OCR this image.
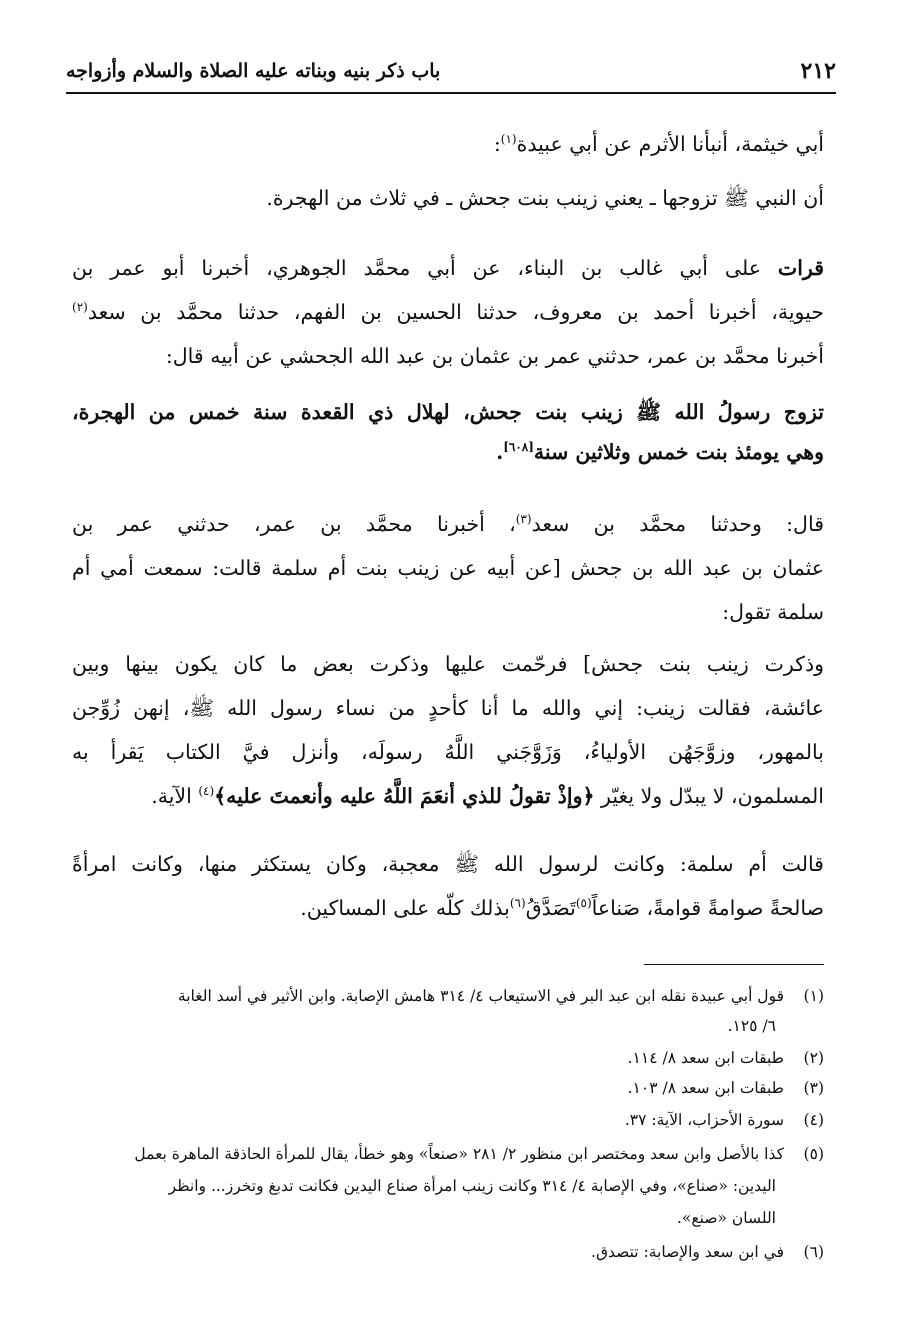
٢١٢
باب ذكر بنيه وبناته عليه الصلاة والسلام وأزواجه
أبي خيثمة، أنبأنا الأثرم عن أبي عبيدة$^{(١)}$:
أن النبي ﷺ تزوجها ـ يعني زينب بنت جحش ـ في ثلاث من الهجرة.
قرات على أبي غالب بن البناء، عن أبي محمَّد الجوهري، أخبرنا أبو عمر بن
حيوية، أخبرنا أحمد بن معروف، حدثنا الحسين بن الفهم، حدثنا محمَّد بن سعد$^{(٢)}$
أخبرنا محمَّد بن عمر، حدثني عمر بن عثمان بن عبد الله الجحشي عن أبيه قال:
تزوج رسولُ الله ﷺ زينب بنت جحش، لهلال ذي القعدة سنة خمس من الهجرة،
وهي يومئذ بنت خمس وثلاثين سنة[٦٠٨].
قال: وحدثنا محمَّد بن سعد$^{(٣)}$، أخبرنا محمَّد بن عمر، حدثني عمر بن
عثمان بن عبد الله بن جحش [عن أبيه عن زينب بنت أم سلمة قالت: سمعت أمي أم
سلمة تقول:
وذكرت زينب بنت جحش] فرحّمت عليها وذكرت بعض ما كان يكون بينها وبين
عائشة، فقالت زينب: إني والله ما أنا كأحدٍ من نساء رسول الله ﷺ، إنهن زُوِّجن
بالمهور، وزوَّجَهُن الأولياءُ، وَزَوَّجَني اللَّهُ رسولَه، وأنزل فيَّ الكتاب يَقرأ به
المسلمون، لا يبدّل ولا يغيّر ﴿وإذْ تقولُ للذي أنعَمَ اللَّهُ عليه وأنعمتَ عليه﴾$^{(٤)}$ الآية.
قالت أم سلمة: وكانت لرسول الله ﷺ معجبة، وكان يستكثر منها، وكانت امرأةً
صالحةً صوامةً قوامةً، صَناعاً$^{(٥)}$تَصَدَّقُ$^{(٦)}$بذلك كلّه على المساكين.
(١)قول أبي عبيدة نقله ابن عبد البر في الاستيعاب ٤/ ٣١٤ هامش الإصابة. وابن الأثير في أسد الغابة
٦/ ١٢٥.
(٢)طبقات ابن سعد ٨/ ١١٤.
(٣)طبقات ابن سعد ٨/ ١٠٣.
(٤)سورة الأحزاب، الآية: ٣٧.
(٥)كذا بالأصل وابن سعد ومختصر ابن منظور ٢/ ٢٨١ «صنعاً» وهو خطأ، يقال للمرأة الحاذقة الماهرة بعمل
اليدين: «صناع»، وفي الإصابة ٤/ ٣١٤ وكانت زينب امرأة صناع اليدين فكانت تدبغ وتخرز... وانظر
اللسان «صنع».
(٦)في ابن سعد والإصابة: تتصدق.
